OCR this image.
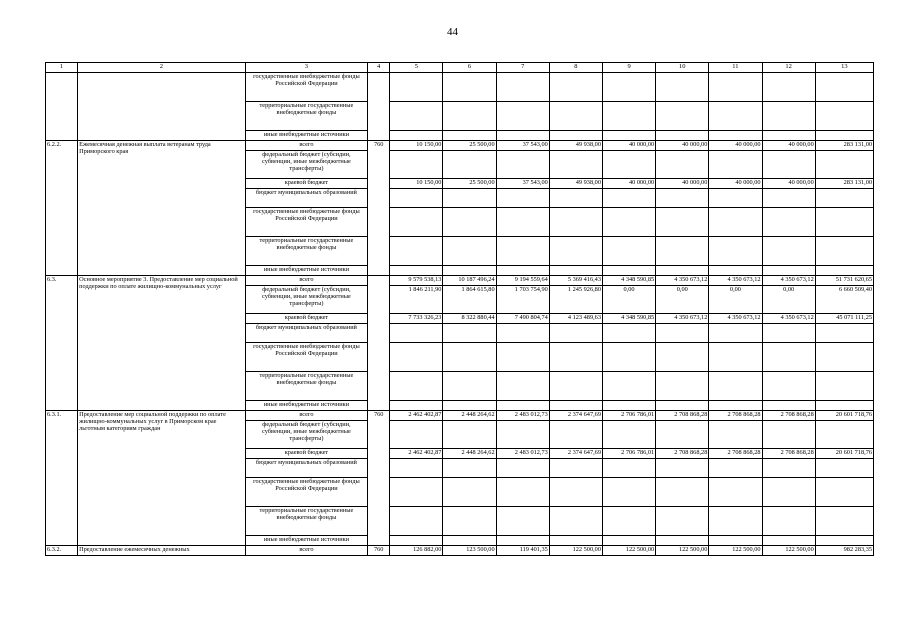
44
1	2	3	4	5	6	7	8	9	10	11	12	13
		государственные внебюджетные фонды Российской Федерации										
		территориальные государственные внебюджетные фонды										
		иные внебюджетные источники										
6.2.2.	Ежемесячная денежная выплата ветеранам труда Приморского края	всего	760	10 150,00	25 500,00	37 543,00	49 938,00	40 000,00	40 000,00	40 000,00	40 000,00	283 131,00
		федеральный бюджет (субсидии, субвенции, иные межбюджетные трансферты)										
		краевой бюджет		10 150,00	25 500,00	37 543,00	49 938,00	40 000,00	40 000,00	40 000,00	40 000,00	283 131,00
		бюджет муниципальных образований										
		государственные внебюджетные фонды Российской Федерации										
		территориальные государственные внебюджетные фонды										
		иные внебюджетные источники										
6.3.	Основное мероприятие 3. Предоставление мер социальной поддержки по оплате жилищно-коммунальных услуг	всего		9 579 538,13	10 187 496,24	9 194 559,64	5 369 416,43	4 348 590,85	4 350 673,12	4 350 673,12	4 350 673,12	51 731 620,65
		федеральный бюджет (субсидии, субвенции, иные межбюджетные трансферты)		1 846 211,90	1 864 615,80	1 703 754,90	1 245 926,80	0,00	0,00	0,00	0,00	6 660 509,40
		краевой бюджет		7 733 326,23	8 322 880,44	7 490 804,74	4 123 489,63	4 348 590,85	4 350 673,12	4 350 673,12	4 350 673,12	45 071 111,25
		бюджет муниципальных образований										
		государственные внебюджетные фонды Российской Федерации										
		территориальные государственные внебюджетные фонды										
		иные внебюджетные источники										
6.3.1.	Предоставление мер социальной поддержки по оплате жилищно-коммунальных услуг в Приморском крае льготным категориям граждан	всего	760	2 462 402,87	2 448 264,62	2 483 012,73	2 374 647,69	2 706 786,01	2 708 868,28	2 708 868,28	2 708 868,28	20 601 718,76
		федеральный бюджет (субсидии, субвенции, иные межбюджетные трансферты)										
		краевой бюджет		2 462 402,87	2 448 264,62	2 483 012,73	2 374 647,69	2 706 786,01	2 708 868,28	2 708 868,28	2 708 868,28	20 601 718,76
		бюджет муниципальных образований										
		государственные внебюджетные фонды Российской Федерации										
		территориальные государственные внебюджетные фонды										
		иные внебюджетные источники										
6.3.2.	Предоставление ежемесячных денежных	всего	760	126 882,00	123 500,00	119 401,35	122 500,00	122 500,00	122 500,00	122 500,00	122 500,00	982 283,35
